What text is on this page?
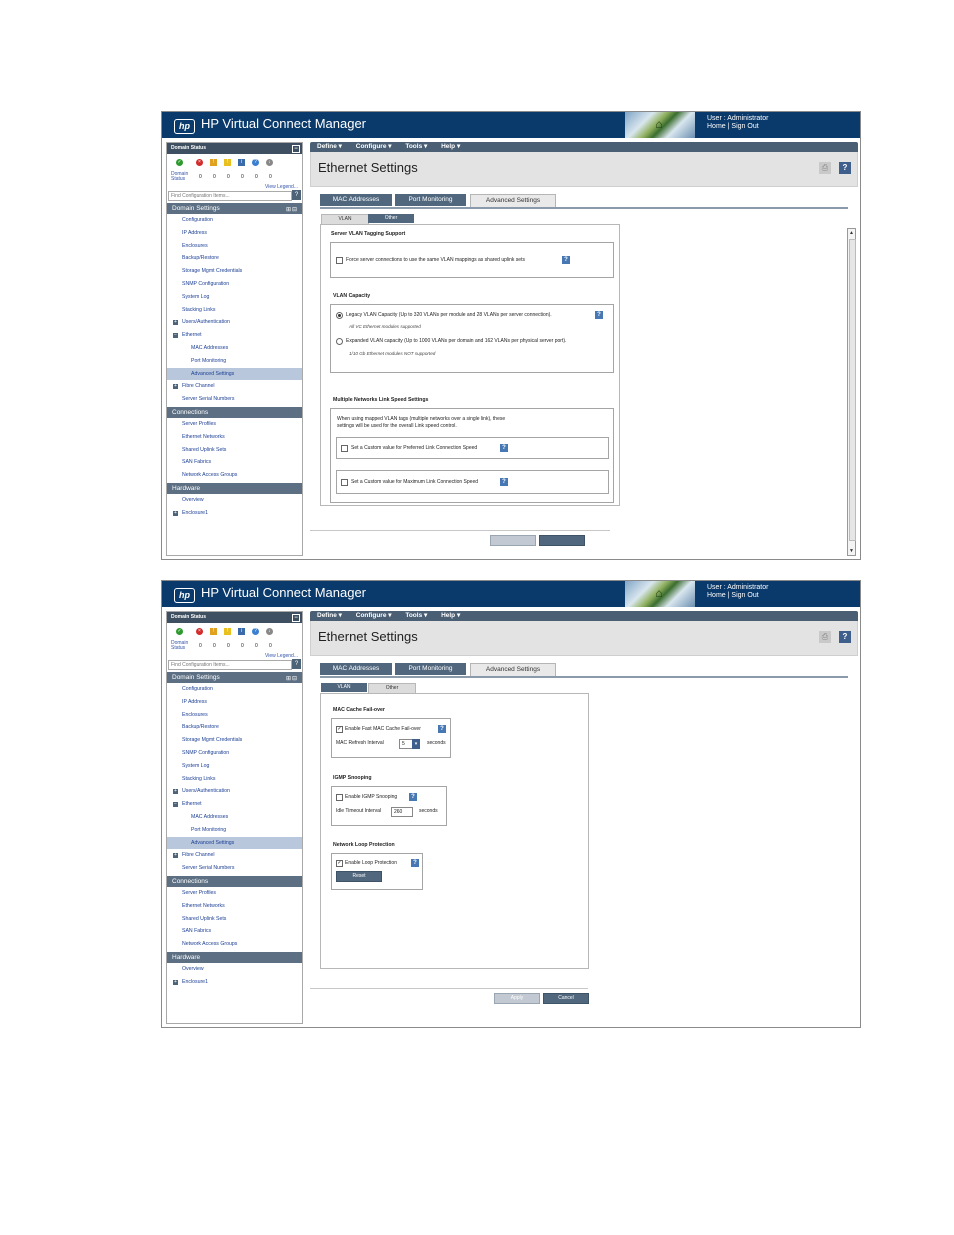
hp HP Virtual Connect Manager	⌂	User : Administrator
Home | Sign Out
Domain Status	−
✓	×	!	!	i	?	↓
Domain
Status	0 0 0 0 0 0
View Legend...
Find Configuration Items...
?
Domain Settings	⊞⊟
Configuration
IP Address
Enclosures
Backup/Restore
Storage Mgmt Credentials
SNMP Configuration
System Log
Stacking Links
+ Users/Authentication
− Ethernet
MAC Addresses
Port Monitoring
Advanced Settings
+ Fibre Channel
Server Serial Numbers
Connections
Server Profiles
Ethernet Networks
Shared Uplink Sets
SAN Fabrics
Network Access Groups
Hardware
Overview
+ Enclosure1
Define ▾ Configure ▾ Tools ▾ Help ▾
Ethernet Settings	⎙	?
MAC Addresses	Port Monitoring	Advanced Settings
VLAN	Other
Server VLAN Tagging Support
Force server connections to use the same VLAN mappings as shared uplink sets	?
VLAN Capacity
Legacy VLAN Capacity (Up to 320 VLANs per module and 28 VLANs per server connection).	?
All VC Ethernet modules supported
Expanded VLAN capacity (Up to 1000 VLANs per domain and 162 VLANs per physical server port).
1/10 Gb Ethernet modules NOT supported
Multiple Networks Link Speed Settings
When using mapped VLAN tags (multiple networks over a single link), these
settings will be used for the overall Link speed control.
Set a Custom value for Preferred Link Connection Speed	?
Set a Custom value for Maximum Link Connection Speed	?
▲
▼
hp HP Virtual Connect Manager	⌂	User : Administrator
Home | Sign Out
Domain Status	−
✓	×	!	!	i	?	↓
Domain
Status	0 0 0 0 0 0
View Legend...
Find Configuration Items...
?
Domain Settings	⊞⊟
Configuration
IP Address
Enclosures
Backup/Restore
Storage Mgmt Credentials
SNMP Configuration
System Log
Stacking Links
+ Users/Authentication
− Ethernet
MAC Addresses
Port Monitoring
Advanced Settings
+ Fibre Channel
Server Serial Numbers
Connections
Server Profiles
Ethernet Networks
Shared Uplink Sets
SAN Fabrics
Network Access Groups
Hardware
Overview
+ Enclosure1
Define ▾ Configure ▾ Tools ▾ Help ▾
Ethernet Settings	⎙	?
MAC Addresses	Port Monitoring	Advanced Settings
VLAN	Other
MAC Cache Fail-over
✓ Enable Fast MAC Cache Fail-over	?
MAC Refresh Interval	5	▾	seconds
IGMP Snooping
Enable IGMP Snooping	?
Idle Timeout Interval	260	seconds
Network Loop Protection
✓ Enable Loop Protection	?
Reset
Apply	Cancel
